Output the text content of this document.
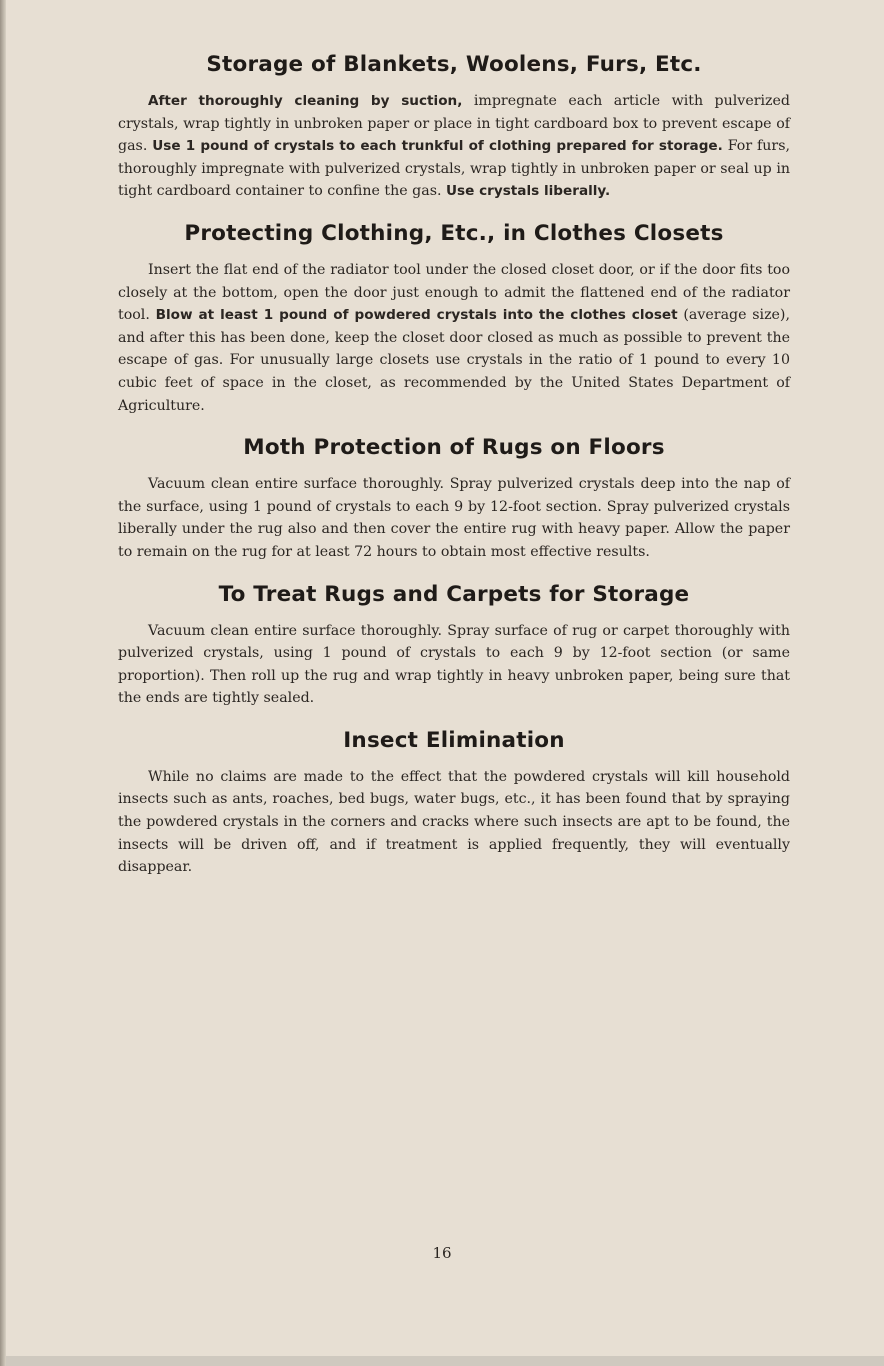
Storage of Blankets, Woolens, Furs, Etc.

After thoroughly cleaning by suction, impregnate each article with pulverized crystals, wrap tightly in unbroken paper or place in tight cardboard box to prevent escape of gas. Use 1 pound of crystals to each trunkful of clothing prepared for storage. For furs, thoroughly impregnate with pulverized crystals, wrap tightly in unbroken paper or seal up in tight cardboard container to confine the gas. Use crystals liberally.

Protecting Clothing, Etc., in Clothes Closets

Insert the flat end of the radiator tool under the closed closet door, or if the door fits too closely at the bottom, open the door just enough to admit the flattened end of the radiator tool. Blow at least 1 pound of powdered crystals into the clothes closet (average size), and after this has been done, keep the closet door closed as much as possible to prevent the escape of gas. For unusually large closets use crystals in the ratio of 1 pound to every 10 cubic feet of space in the closet, as recommended by the United States Department of Agriculture.

Moth Protection of Rugs on Floors

Vacuum clean entire surface thoroughly. Spray pulverized crystals deep into the nap of the surface, using 1 pound of crystals to each 9 by 12-foot section. Spray pulverized crystals liberally under the rug also and then cover the entire rug with heavy paper. Allow the paper to remain on the rug for at least 72 hours to obtain most effective results.

To Treat Rugs and Carpets for Storage

Vacuum clean entire surface thoroughly. Spray surface of rug or carpet thoroughly with pulverized crystals, using 1 pound of crystals to each 9 by 12-foot section (or same proportion). Then roll up the rug and wrap tightly in heavy unbroken paper, being sure that the ends are tightly sealed.

Insect Elimination

While no claims are made to the effect that the powdered crystals will kill household insects such as ants, roaches, bed bugs, water bugs, etc., it has been found that by spraying the powdered crystals in the corners and cracks where such insects are apt to be found, the insects will be driven off, and if treatment is applied frequently, they will eventually disappear.

16
